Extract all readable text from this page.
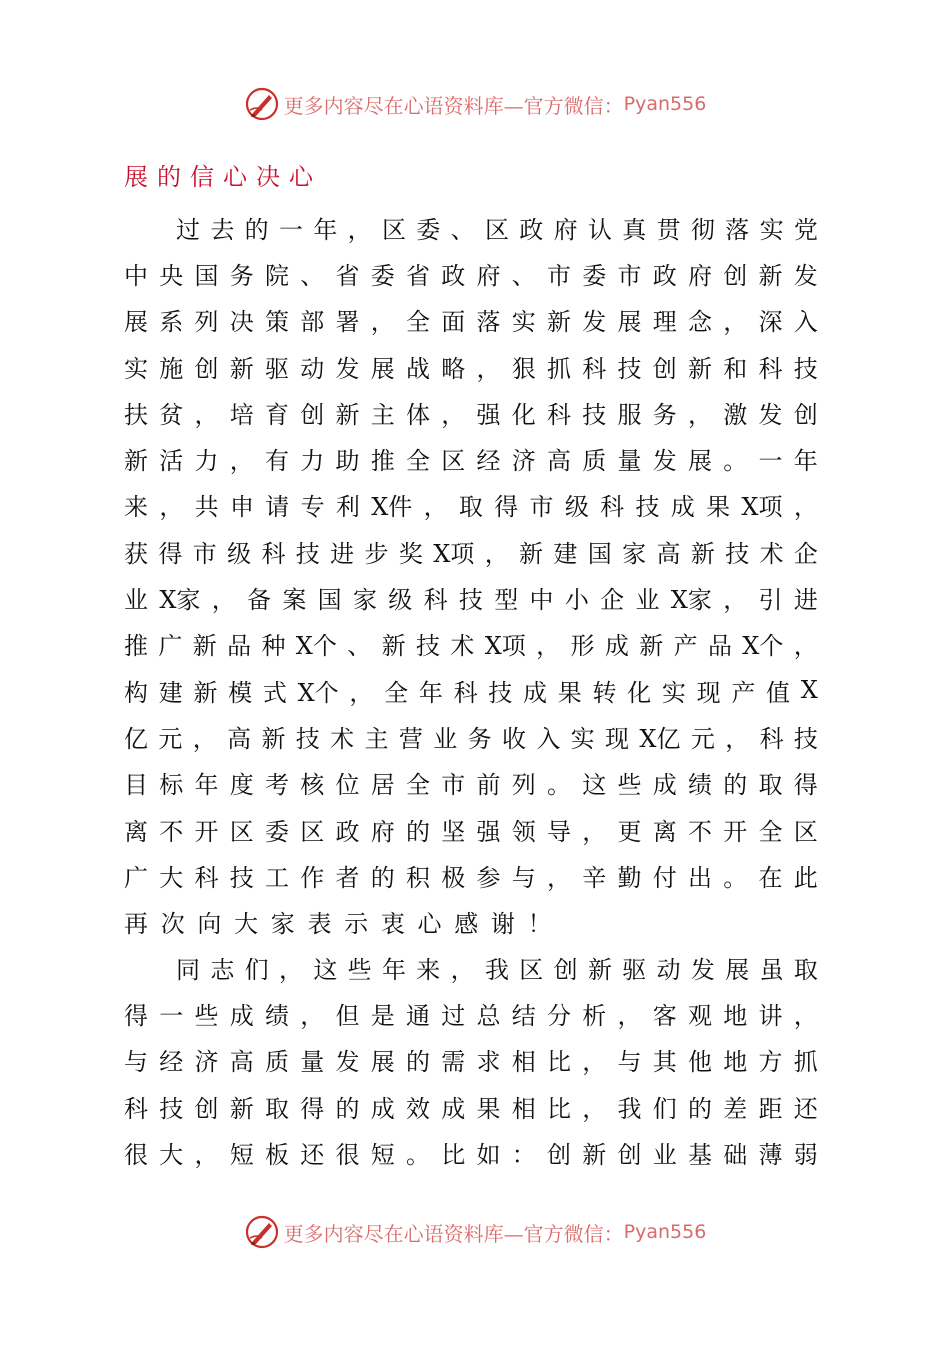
更多内容尽在心语资料库—官方微信： Pyan556
展的信心决心
过 去 的 一 年 ， 区 委 、 区 政 府 认 真 贯 彻 落 实 党
中 央 国 务 院 、 省 委 省 政 府 、 市 委 市 政 府 创 新 发
展 系 列 决 策 部 署 ， 全 面 落 实 新 发 展 理 念 ， 深 入
实 施 创 新 驱 动 发 展 战 略 ， 狠 抓 科 技 创 新 和 科 技
扶 贫 ， 培 育 创 新 主 体 ， 强 化 科 技 服 务 ， 激 发 创
新 活 力 ， 有 力 助 推 全 区 经 济 高 质 量 发 展 。 一 年
来 ， 共 申 请 专 利 X件 ， 取 得 市 级 科 技 成 果 X项 ，
获 得 市 级 科 技 进 步 奖 X项 ， 新 建 国 家 高 新 技 术 企
业 X家 ， 备 案 国 家 级 科 技 型 中 小 企 业 X家 ， 引 进
推 广 新 品 种 X个 、 新 技 术 X项 ， 形 成 新 产 品 X个 ，
构 建 新 模 式 X个 ， 全 年 科 技 成 果 转 化 实 现 产 值 X
亿 元 ， 高 新 技 术 主 营 业 务 收 入 实 现 X亿 元 ， 科 技
目 标 年 度 考 核 位 居 全 市 前 列 。 这 些 成 绩 的 取 得
离 不 开 区 委 区 政 府 的 坚 强 领 导 ， 更 离 不 开 全 区
广 大 科 技 工 作 者 的 积 极 参 与 ， 辛 勤 付 出 。 在 此
再 次 向 大 家 表 示 衷 心 感 谢 ！
同 志 们 ， 这 些 年 来 ， 我 区 创 新 驱 动 发 展 虽 取
得 一 些 成 绩 ， 但 是 通 过 总 结 分 析 ， 客 观 地 讲 ，
与 经 济 高 质 量 发 展 的 需 求 相 比 ， 与 其 他 地 方 抓
科 技 创 新 取 得 的 成 效 成 果 相 比 ， 我 们 的 差 距 还
很 大 ， 短 板 还 很 短 。 比 如 ： 创 新 创 业 基 础 薄 弱
更多内容尽在心语资料库—官方微信： Pyan556
